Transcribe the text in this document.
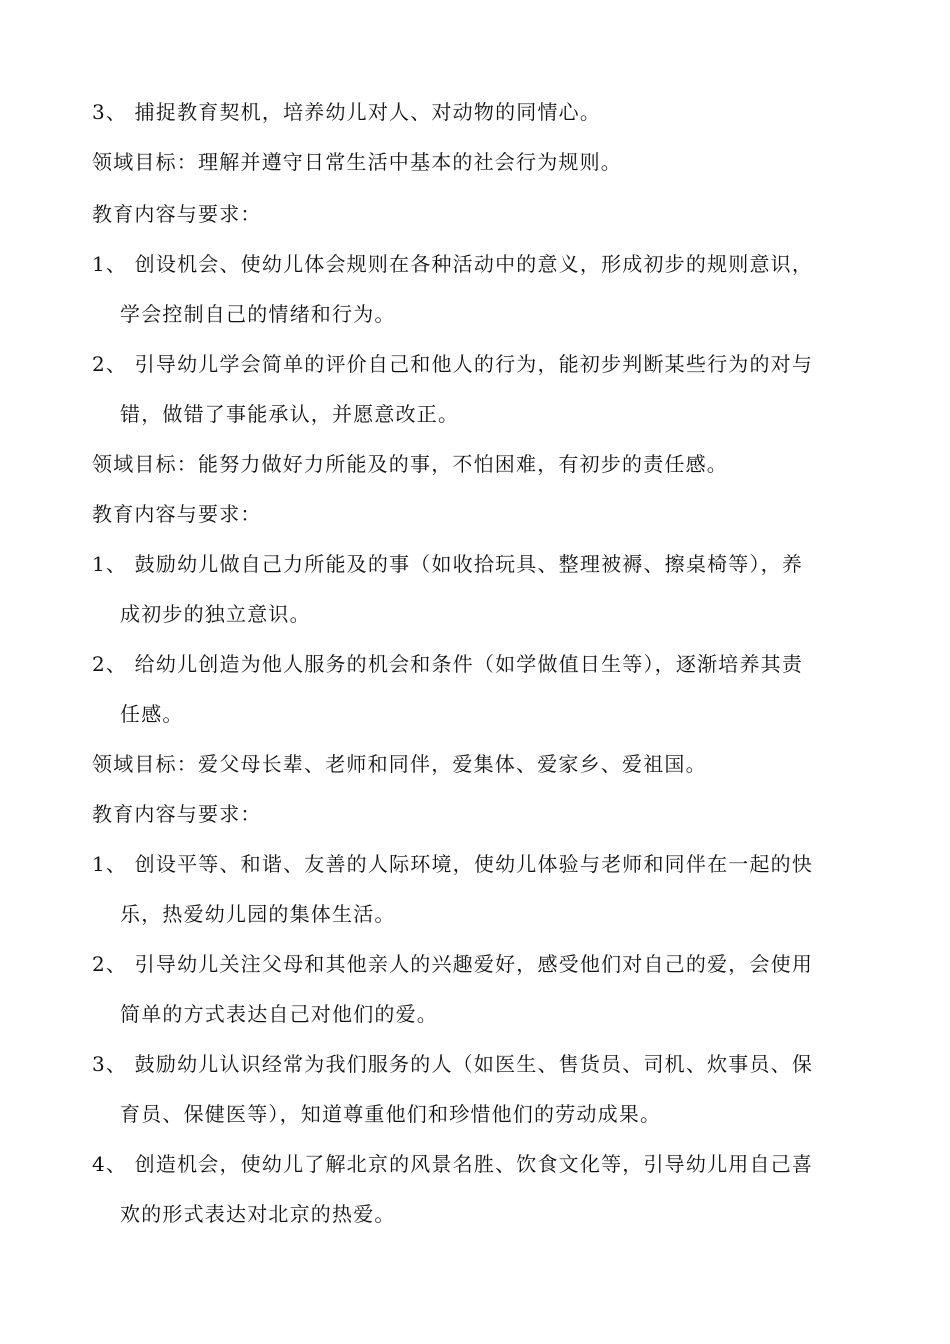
3、 捕捉教育契机，培养幼儿对人、对动物的同情心。
领域目标：理解并遵守日常生活中基本的社会行为规则。
教育内容与要求：
1、 创设机会、使幼儿体会规则在各种活动中的意义，形成初步的规则意识，
学会控制自己的情绪和行为。
2、 引导幼儿学会简单的评价自己和他人的行为，能初步判断某些行为的对与
错，做错了事能承认，并愿意改正。
领域目标：能努力做好力所能及的事，不怕困难，有初步的责任感。
教育内容与要求：
1、 鼓励幼儿做自己力所能及的事（如收拾玩具、整理被褥、擦桌椅等），养
成初步的独立意识。
2、 给幼儿创造为他人服务的机会和条件（如学做值日生等），逐渐培养其责
任感。
领域目标：爱父母长辈、老师和同伴，爱集体、爱家乡、爱祖国。
教育内容与要求：
1、 创设平等、和谐、友善的人际环境，使幼儿体验与老师和同伴在一起的快
乐，热爱幼儿园的集体生活。
2、 引导幼儿关注父母和其他亲人的兴趣爱好，感受他们对自己的爱，会使用
简单的方式表达自己对他们的爱。
3、 鼓励幼儿认识经常为我们服务的人（如医生、售货员、司机、炊事员、保
育员、保健医等），知道尊重他们和珍惜他们的劳动成果。
4、 创造机会，使幼儿了解北京的风景名胜、饮食文化等，引导幼儿用自己喜
欢的形式表达对北京的热爱。
